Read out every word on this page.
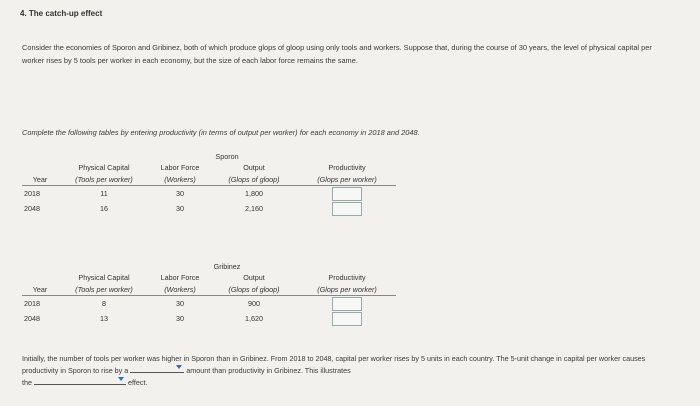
4. The catch-up effect
Consider the economies of Sporon and Gribinez, both of which produce glops of gloop using only tools and workers. Suppose that, during the course of 30 years, the level of physical capital per worker rises by 5 tools per worker in each economy, but the size of each labor force remains the same.
Complete the following tables by entering productivity (in terms of output per worker) for each economy in 2018 and 2048.
	Sporon			
	Physical Capital	Labor Force	Output	Productivity
Year	(Tools per worker)	(Workers)	(Glops of gloop)	(Glops per worker)
2018	11	30	1,800	
2048	16	30	2,160	
	Gribinez			
	Physical Capital	Labor Force	Output	Productivity
Year	(Tools per worker)	(Workers)	(Glops of gloop)	(Glops per worker)
2018	8	30	900	
2048	13	30	1,620	
Initially, the number of tools per worker was higher in Sporon than in Gribinez. From 2018 to 2048, capital per worker rises by 5 units in each country. The 5-unit change in capital per worker causes productivity in Sporon to rise by a	amount than productivity in Gribinez. This illustrates
the	effect.
